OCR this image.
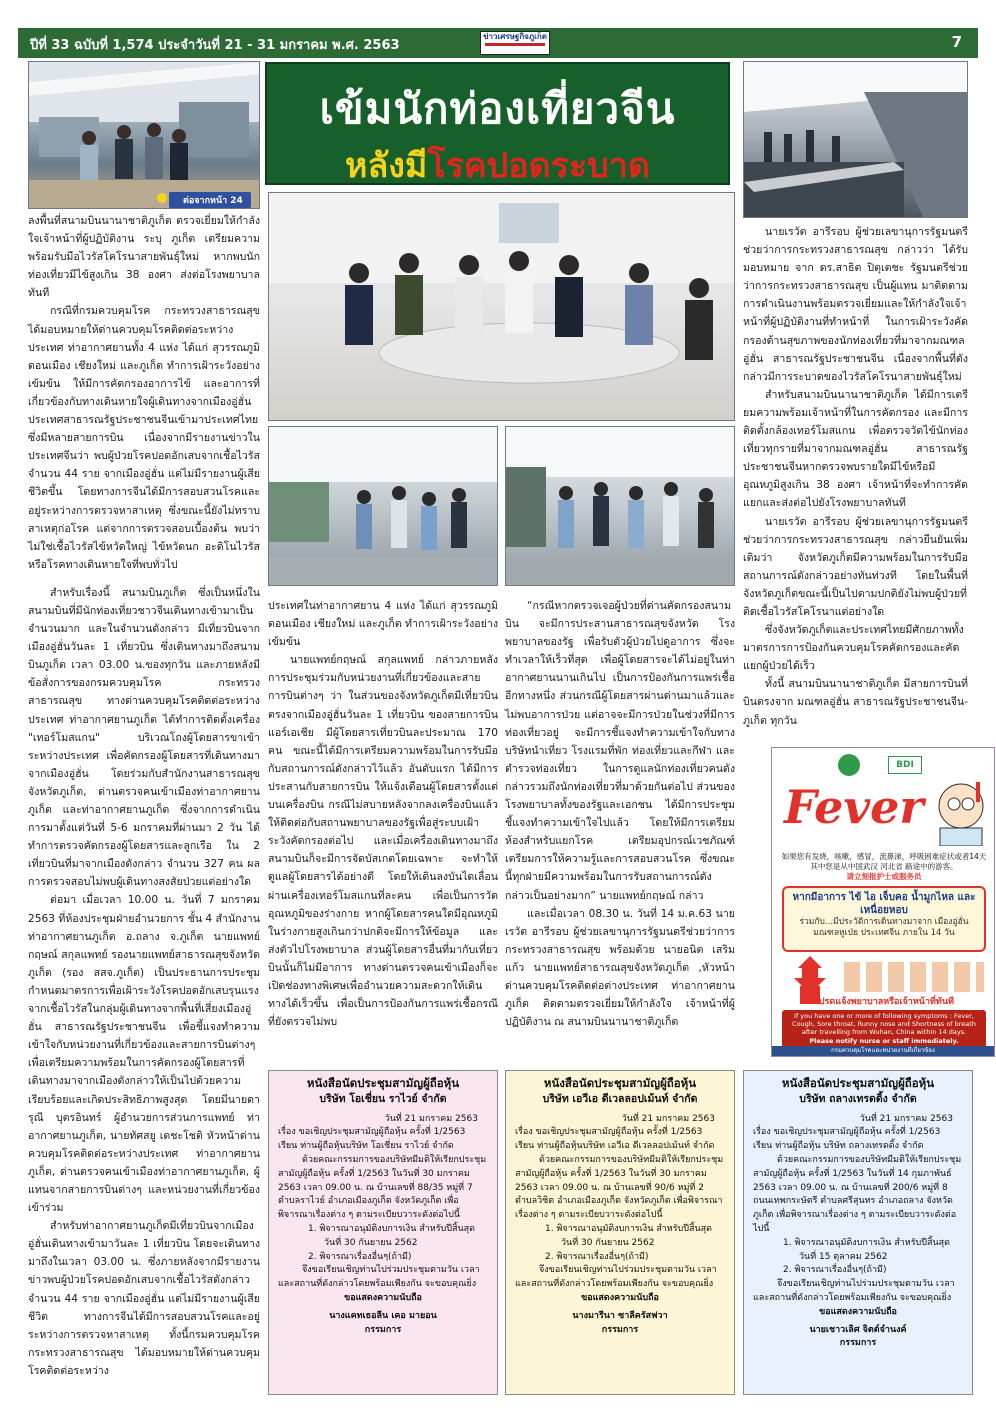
ปีที่ 33 ฉบับที่ 1,574 ประจำวันที่ 21 - 31 มกราคม พ.ศ. 2563
ข่าวเศรษฐกิจภูเก็ต	7
ต่อจากหน้า 24
เข้มนักท่องเที่ยวจีน
หลังมีโรคปอดระบาด

ลงพื้นที่สนามบินนานาชาติภูเก็ต ตรวจเยี่ยมให้กำลังใจเจ้าหน้าที่ผู้ปฏิบัติงาน ระบุ ภูเก็ต เตรียมความพร้อมรับมือไวรัสโคโรนาสายพันธุ์ใหม่ หากพบนักท่องเที่ยวมีไข้สูงเกิน 38 องศา ส่งต่อโรงพยาบาลทันที

กรณีที่กรมควบคุมโรค กระทรวงสาธารณสุข ได้มอบหมายให้ด่านควบคุมโรคติดต่อระหว่างประเทศ ท่าอากาศยานทั้ง 4 แห่ง ได้แก่ สุวรรณภูมิ ดอนเมือง เชียงใหม่ และภูเก็ต ทำการเฝ้าระวังอย่างเข้มข้น ให้มีการคัดกรองอาการไข้ และอาการที่เกี่ยวข้องกับทางเดินหายใจผู้เดินทางจากเมืองอู่ฮั่น ประเทศสาธารณรัฐประชาชนจีนเข้ามาประเทศไทย ซึ่งมีหลายสายการบิน เนื่องจากมีรายงานข่าวในประเทศจีนว่า พบผู้ป่วยโรคปอดอักเสบจากเชื้อไวรัส จำนวน 44 ราย จากเมืองอู่ฮั่น แต่ไม่มีรายงานผู้เสียชีวิตขึ้น โดยทางการจีนได้มีการสอบสวนโรคและอยู่ระหว่างการตรวจหาสาเหตุ ซึ่งขณะนี้ยังไม่ทราบสาเหตุก่อโรค แต่จากการตรวจสอบเบื้องต้น พบว่า ไม่ใช่เชื้อไวรัสไข้หวัดใหญ่ ไข้หวัดนก อะดิโนไวรัส หรือโรคทางเดินหายใจที่พบทั่วไป

สำหรับเรื่องนี้ สนามบินภูเก็ต ซึ่งเป็นหนึ่งในสนามบินที่มีนักท่องเที่ยวชาวจีนเดินทางเข้ามาเป็นจำนวนมาก และในจำนวนดังกล่าว มีเที่ยวบินจากเมืองอู่ฮั่นวันละ 1 เที่ยวบิน ซึ่งเดินทางมาถึงสนามบินภูเก็ต เวลา 03.00 น.ของทุกวัน และภายหลังมีข้อสั่งการของกรมควบคุมโรค กระทรวงสาธารณสุข ทางด่านควบคุมโรคติดต่อระหว่างประเทศ ท่าอากาศยานภูเก็ต ได้ทำการติดตั้งเครื่อง "เทอร์โมสแกน" บริเวณโถงผู้โดยสารขาเข้าระหว่างประเทศ เพื่อคัดกรองผู้โดยสารที่เดินทางมาจากเมืองอู่ฮั่น โดยร่วมกับสำนักงานสาธารณสุขจังหวัดภูเก็ต, ด่านตรวจคนเข้าเมืองท่าอากาศยานภูเก็ต และท่าอากาศยานภูเก็ต ซึ่งจากการดำเนินการมาตั้งแต่วันที่ 5-6 มกราคมที่ผ่านมา 2 วัน ได้ทำการตรวจคัดกรองผู้โดยสารและลูกเรือ ใน 2 เที่ยวบินที่มาจากเมืองดังกล่าว จำนวน 327 คน ผลการตรวจสอบไม่พบผู้เดินทางสงสัยป่วยแต่อย่างใด

ต่อมา เมื่อเวลา 10.00 น. วันที่ 7 มกราคม 2563 ที่ห้องประชุมฝ่ายอำนวยการ ชั้น 4 สำนักงานท่าอากาศยานภูเก็ต อ.ถลาง จ.ภูเก็ต นายแพทย์กฤษณ์ สกุลแพทย์ รองนายแพทย์สาธารณสุขจังหวัดภูเก็ต (รอง สสจ.ภูเก็ต) เป็นประธานการประชุมกำหนดมาตรการเพื่อเฝ้าระวังโรคปอดอักเสบรุนแรงจากเชื้อไวรัสในกลุ่มผู้เดินทางจากพื้นที่เสี่ยงเมืองอู่ฮั่น สาธารณรัฐประชาชนจีน เพื่อชี้แจงทำความเข้าใจกับหน่วยงานที่เกี่ยวข้องและสายการบินต่างๆ เพื่อเตรียมความพร้อมในการคัดกรองผู้โดยสารที่เดินทางมาจากเมืองดังกล่าวให้เป็นไปด้วยความเรียบร้อยและเกิดประสิทธิภาพสูงสุด โดยมีนายดารุณี บุตรอินทร์ ผู้อำนวยการส่วนการแพทย์ ท่าอากาศยานภูเก็ต, นายทัศสยู เดชะโชติ หัวหน้าด่านควบคุมโรคติดต่อระหว่างประเทศ ท่าอากาศยานภูเก็ต, ด่านตรวจคนเข้าเมืองท่าอากาศยานภูเก็ต, ผู้แทนจากสายการบินต่างๆ และหน่วยงานที่เกี่ยวข้องเข้าร่วม

สำหรับท่าอากาศยานภูเก็ตมีเที่ยวบินจากเมืองอู่ฮั่นเดินทางเข้ามาวันละ 1 เที่ยวบิน โดยจะเดินทางมาถึงในเวลา 03.00 น. ซึ่งภายหลังจากมีรายงานข่าวพบผู้ป่วยโรคปอดอักเสบจากเชื้อไวรัสดังกล่าว จำนวน 44 ราย จากเมืองอู่ฮั่น แต่ไม่มีรายงานผู้เสียชีวิต ทางการจีนได้มีการสอบสวนโรคและอยู่ระหว่างการตรวจหาสาเหตุ ทั้งนี้กรมควบคุมโรค กระทรวงสาธารณสุข ได้มอบหมายให้ด่านควบคุมโรคติดต่อระหว่าง

ประเทศในท่าอากาศยาน 4 แห่ง ได้แก่ สุวรรณภูมิ ดอนเมือง เชียงใหม่ และภูเก็ต ทำการเฝ้าระวังอย่างเข้มข้น

นายแพทย์กฤษณ์ สกุลแพทย์ กล่าวภายหลังการประชุมร่วมกับหน่วยงานที่เกี่ยวข้องและสายการบินต่างๆ ว่า ในส่วนของจังหวัดภูเก็ตมีเที่ยวบินตรงจากเมืองอู่ฮั่นวันละ 1 เที่ยวบิน ของสายการบินแอร์เอเชีย มีผู้โดยสารเที่ยวบินละประมาณ 170 คน ขณะนี้ได้มีการเตรียมความพร้อมในการรับมือกับสถานการณ์ดังกล่าวไว้แล้ว อันดับแรก ได้มีการประสานกับสายการบิน ให้แจ้งเตือนผู้โดยสารตั้งแต่บนเครื่องบิน กรณีไม่สบายหลังจากลงเครื่องบินแล้วให้ติดต่อกับสถานพยาบาลของรัฐเพื่อสู่ระบบเฝ้าระวังคัดกรองต่อไป และเมื่อเครื่องเดินทางมาถึงสนามบินก็จะมีการจัดบัสเกตโดยเฉพาะ จะทำให้ดูแลผู้โดยสารได้อย่างดี โดยให้เดินลงบันไดเลื่อนผ่านเครื่องเทอร์โมสแกนที่ละคน เพื่อเป็นการวัดอุณหภูมิของร่างกาย หากผู้โดยสารคนใดมีอุณหภูมิในร่างกายสูงเกินกว่าปกติจะมีการให้ข้อมูล และส่งตัวไปโรงพยาบาล ส่วนผู้โดยสารอื่นที่มากับเที่ยวบินนั้นก็ไม่มีอาการ ทางด่านตรวจคนเข้าเมืองก็จะเปิดช่องทางพิเศษเพื่ออำนวยความสะดวกให้เดินทางได้เร็วขึ้น เพื่อเป็นการป้องกันการแพร่เชื้อกรณีที่ยังตรวจไม่พบ

“กรณีหากตรวจเจอผู้ป่วยที่ด่านคัดกรองสนามบิน จะมีการประสานสาธารณสุขจังหวัด โรงพยาบาลของรัฐ เพื่อรับตัวผู้ป่วยไปดูอาการ ซึ่งจะทำเวลาให้เร็วที่สุด เพื่อผู้โดยสารจะได้ไม่อยู่ในท่าอากาศยานนานเกินไป เป็นการป้องกันการแพร่เชื้ออีกทางหนึ่ง ส่วนกรณีผู้โดยสารผ่านด่านมาแล้วและไม่พบอาการป่วย แต่อาจจะมีการป่วยในช่วงที่มีการท่องเที่ยวอยู่ จะมีการชี้แจงทำความเข้าใจกับทางบริษัทนำเที่ยว โรงแรมที่พัก ท่องเที่ยวและกีฬา และตำรวจท่องเที่ยว ในการดูแลนักท่องเที่ยวคนดังกล่าวรวมถึงนักท่องเที่ยวที่มาด้วยกันต่อไป ส่วนของโรงพยาบาลทั้งของรัฐและเอกชน ได้มีการประชุมชี้แจงทำความเข้าใจไปแล้ว โดยให้มีการเตรียมห้องสำหรับแยกโรค เตรียมอุปกรณ์เวชภัณฑ์ เตรียมการให้ความรู้และการสอบสวนโรค ซึ่งขณะนี้ทุกฝ่ายมีความพร้อมในการรับสถานการณ์ดังกล่าวเป็นอย่างมาก” นายแพทย์กฤษณ์ กล่าว

และเมื่อเวลา 08.30 น. วันที่ 14 ม.ค.63 นายเรวัต อารีรอบ ผู้ช่วยเลขานุการรัฐมนตรีช่วยว่าการกระทรวงสาธารณสุข พร้อมด้วย นายอนิต เสริมแก้ว นายแพทย์สาธารณสุขจังหวัดภูเก็ต ,หัวหน้าด่านควบคุมโรคติดต่อต่างประเทศ ท่าอากาศยานภูเก็ต ติดตามตรวจเยี่ยมให้กำลังใจ เจ้าหน้าที่ผู้ปฏิบัติงาน ณ สนามบินนานาชาติภูเก็ต

นายเรวัต อารีรอบ ผู้ช่วยเลขานุการรัฐมนตรีช่วยว่าการกระทรวงสาธารณสุข กล่าวว่า ได้รับมอบหมาย จาก ดร.สาธิต ปิตุเตชะ รัฐมนตรีช่วยว่าการกระทรวงสาธารณสุข เป็นผู้แทน มาติดตามการดำเนินงานพร้อมตรวจเยี่ยมและให้กำลังใจเจ้าหน้าที่ผู้ปฏิบัติงานที่ทำหน้าที่ ในการเฝ้าระวังคัดกรองด้านสุขภาพของนักท่องเที่ยวที่มาจากมณฑลอู่ฮั่น สาธารณรัฐประชาชนจีน เนื่องจากพื้นที่ดังกล่าวมีการระบาดของไวรัสโคโรนาสายพันธุ์ใหม่

สำหรับสนามบินนานาชาติภูเก็ต ได้มีการเตรียมความพร้อมเจ้าหน้าที่ในการคัดกรอง และมีการติดตั้งกล้องเทอร์โมสแกน เพื่อตรวจวัดไข้นักท่องเที่ยวทุกรายที่มาจากมณฑลอู่ฮั่น สาธารณรัฐประชาชนจีนหากตรวจพบรายใดมีไข้หรือมีอุณหภูมิสูงเกิน 38 องศา เจ้าหน้าที่จะทำการคัดแยกและส่งต่อไปยังโรงพยาบาลทันที

นายเรวัต อารีรอบ ผู้ช่วยเลขานุการรัฐมนตรีช่วยว่าการกระทรวงสาธารณสุข กล่าวยืนยันเพิ่มเติมว่า จังหวัดภูเก็ตมีความพร้อมในการรับมือสถานการณ์ดังกล่าวอย่างทันท่วงที โดยในพื้นที่จังหวัดภูเก็ตขณะนี้เป็นไปตามปกติยังไม่พบผู้ป่วยที่ติดเชื้อไวรัสโคโรนาแต่อย่างใด

ซึ่งจังหวัดภูเก็ตและประเทศไทยมีศักยภาพทั้งมาตรการการป้องกันควบคุมโรคคัดกรองและคัดแยกผู้ป่วยได้เร็ว

ทั้งนี้ สนามบินนานาชาติภูเก็ต มีสายการบินที่บินตรงจาก มณฑลอู่ฮั่น สาธารณรัฐประชาชนจีน- ภูเก็ต ทุกวัน

BDI
Fever
如果您有发烧，咳嗽，感冒，流鼻涕，呼吸困难症状或者14天其中您是从中国武汉 河北省 路途中的游客。
请立刻报护士或服务员
หากมีอาการ ไข้ ไอ เจ็บคอ น้ำมูกไหล และเหนื่อยหอบ
ร่วมกับ...มีประวัติการเดินทางมาจาก เมืองอู่ฮั่น มณฑลหูเป่ย ประเทศจีน ภายใน 14 วัน
โปรดแจ้งพยาบาลหรือเจ้าหน้าที่ทันที
If you have one or more of following symptoms : Fever, Cough, Sore throat, Runny nose and Shortness of breath after travelling from Wuhan, China within 14 days.
Please notify nurse or staff immediately.
กรมควบคุมโรคและหน่วยงานที่เกี่ยวข้อง
หนังสือนัดประชุมสามัญผู้ถือหุ้น
บริษัท โอเชี่ยน ราไวย์ จำกัด
วันที่ 21 มกราคม 2563
เรื่อง ขอเชิญประชุมสามัญผู้ถือหุ้น ครั้งที่ 1/2563
เรียน ท่านผู้ถือหุ้นบริษัท โอเชี่ยน ราไวย์ จำกัด
ด้วยคณะกรรมการของบริษัทมีมติให้เรียกประชุมสามัญผู้ถือหุ้น ครั้งที่ 1/2563 ในวันที่ 30 มกราคม 2563 เวลา 09.00 น. ณ บ้านเลขที่ 88/35 หมู่ที่ 7 ตำบลราไวย์ อำเภอเมืองภูเก็ต จังหวัดภูเก็ต เพื่อพิจารณาเรื่องต่าง ๆ ตามระเบียบวาระดังต่อไปนี้
1. พิจารณาอนุมัติงบการเงิน สำหรับปีสิ้นสุด
วันที่ 30 กันยายน 2562
2. พิจารณาเรื่องอื่นๆ(ถ้ามี)
จึงขอเรียนเชิญท่านไปร่วมประชุมตามวัน เวลา และสถานที่ดังกล่าวโดยพร้อมเพียงกัน จะขอบคุณยิ่ง
ขอแสดงความนับถือ
นางแคทเธอลีน เคอ มายอน
กรรมการ
หนังสือนัดประชุมสามัญผู้ถือหุ้น
บริษัท เอวีเอ ดีเวลลอปเม้นท์ จำกัด
วันที่ 21 มกราคม 2563
เรื่อง ขอเชิญประชุมสามัญผู้ถือหุ้น ครั้งที่ 1/2563
เรียน ท่านผู้ถือหุ้นบริษัท เอวีเอ ดีเวลลอปเม้นท์ จำกัด
ด้วยคณะกรรมการของบริษัทมีมติให้เรียกประชุมสามัญผู้ถือหุ้น ครั้งที่ 1/2563 ในวันที่ 30 มกราคม 2563 เวลา 09.00 น. ณ บ้านเลขที่ 90/6 หมู่ที่ 2 ตำบลวิชิต อำเภอเมืองภูเก็ต จังหวัดภูเก็ต เพื่อพิจารณาเรื่องต่าง ๆ ตามระเบียบวาระดังต่อไปนี้
1. พิจารณาอนุมัติงบการเงิน สำหรับปีสิ้นสุด
วันที่ 30 กันยายน 2562
2. พิจารณาเรื่องอื่นๆ(ถ้ามี)
จึงขอเรียนเชิญท่านไปร่วมประชุมตามวัน เวลา และสถานที่ดังกล่าวโดยพร้อมเพียงกัน จะขอบคุณยิ่ง
ขอแสดงความนับถือ
นางมารีนา ซาลีครัสฟวา
กรรมการ
หนังสือนัดประชุมสามัญผู้ถือหุ้น
บริษัท ถลางเทรดดิ้ง จำกัด
วันที่ 21 มกราคม 2563
เรื่อง ขอเชิญประชุมสามัญผู้ถือหุ้น ครั้งที่ 1/2563
เรียน ท่านผู้ถือหุ้น บริษัท ถลางเทรดดิ้ง จำกัด
ด้วยคณะกรรมการของบริษัทมีมติให้เรียกประชุมสามัญผู้ถือหุ้น ครั้งที่ 1/2563 ในวันที่ 14 กุมภาพันธ์ 2563 เวลา 09.00 น. ณ บ้านเลขที่ 200/6 หมู่ที่ 8 ถนนเทพกระษัตรี ตำบลศรีสุนทร อำเภอถลาง จังหวัดภูเก็ต เพื่อพิจารณาเรื่องต่าง ๆ ตามระเบียบวาระดังต่อไปนี้
1. พิจารณาอนุมัติงบการเงิน สำหรับปีสิ้นสุด
วันที่ 15 ตุลาคม 2562
2. พิจารณาเรื่องอื่นๆ(ถ้ามี)
จึงขอเรียนเชิญท่านไปร่วมประชุมตามวัน เวลา และสถานที่ดังกล่าวโดยพร้อมเพียงกัน จะขอบคุณยิ่ง
ขอแสดงความนับถือ
นายเชาวเลิศ จิตต์จำนงค์
กรรมการ
